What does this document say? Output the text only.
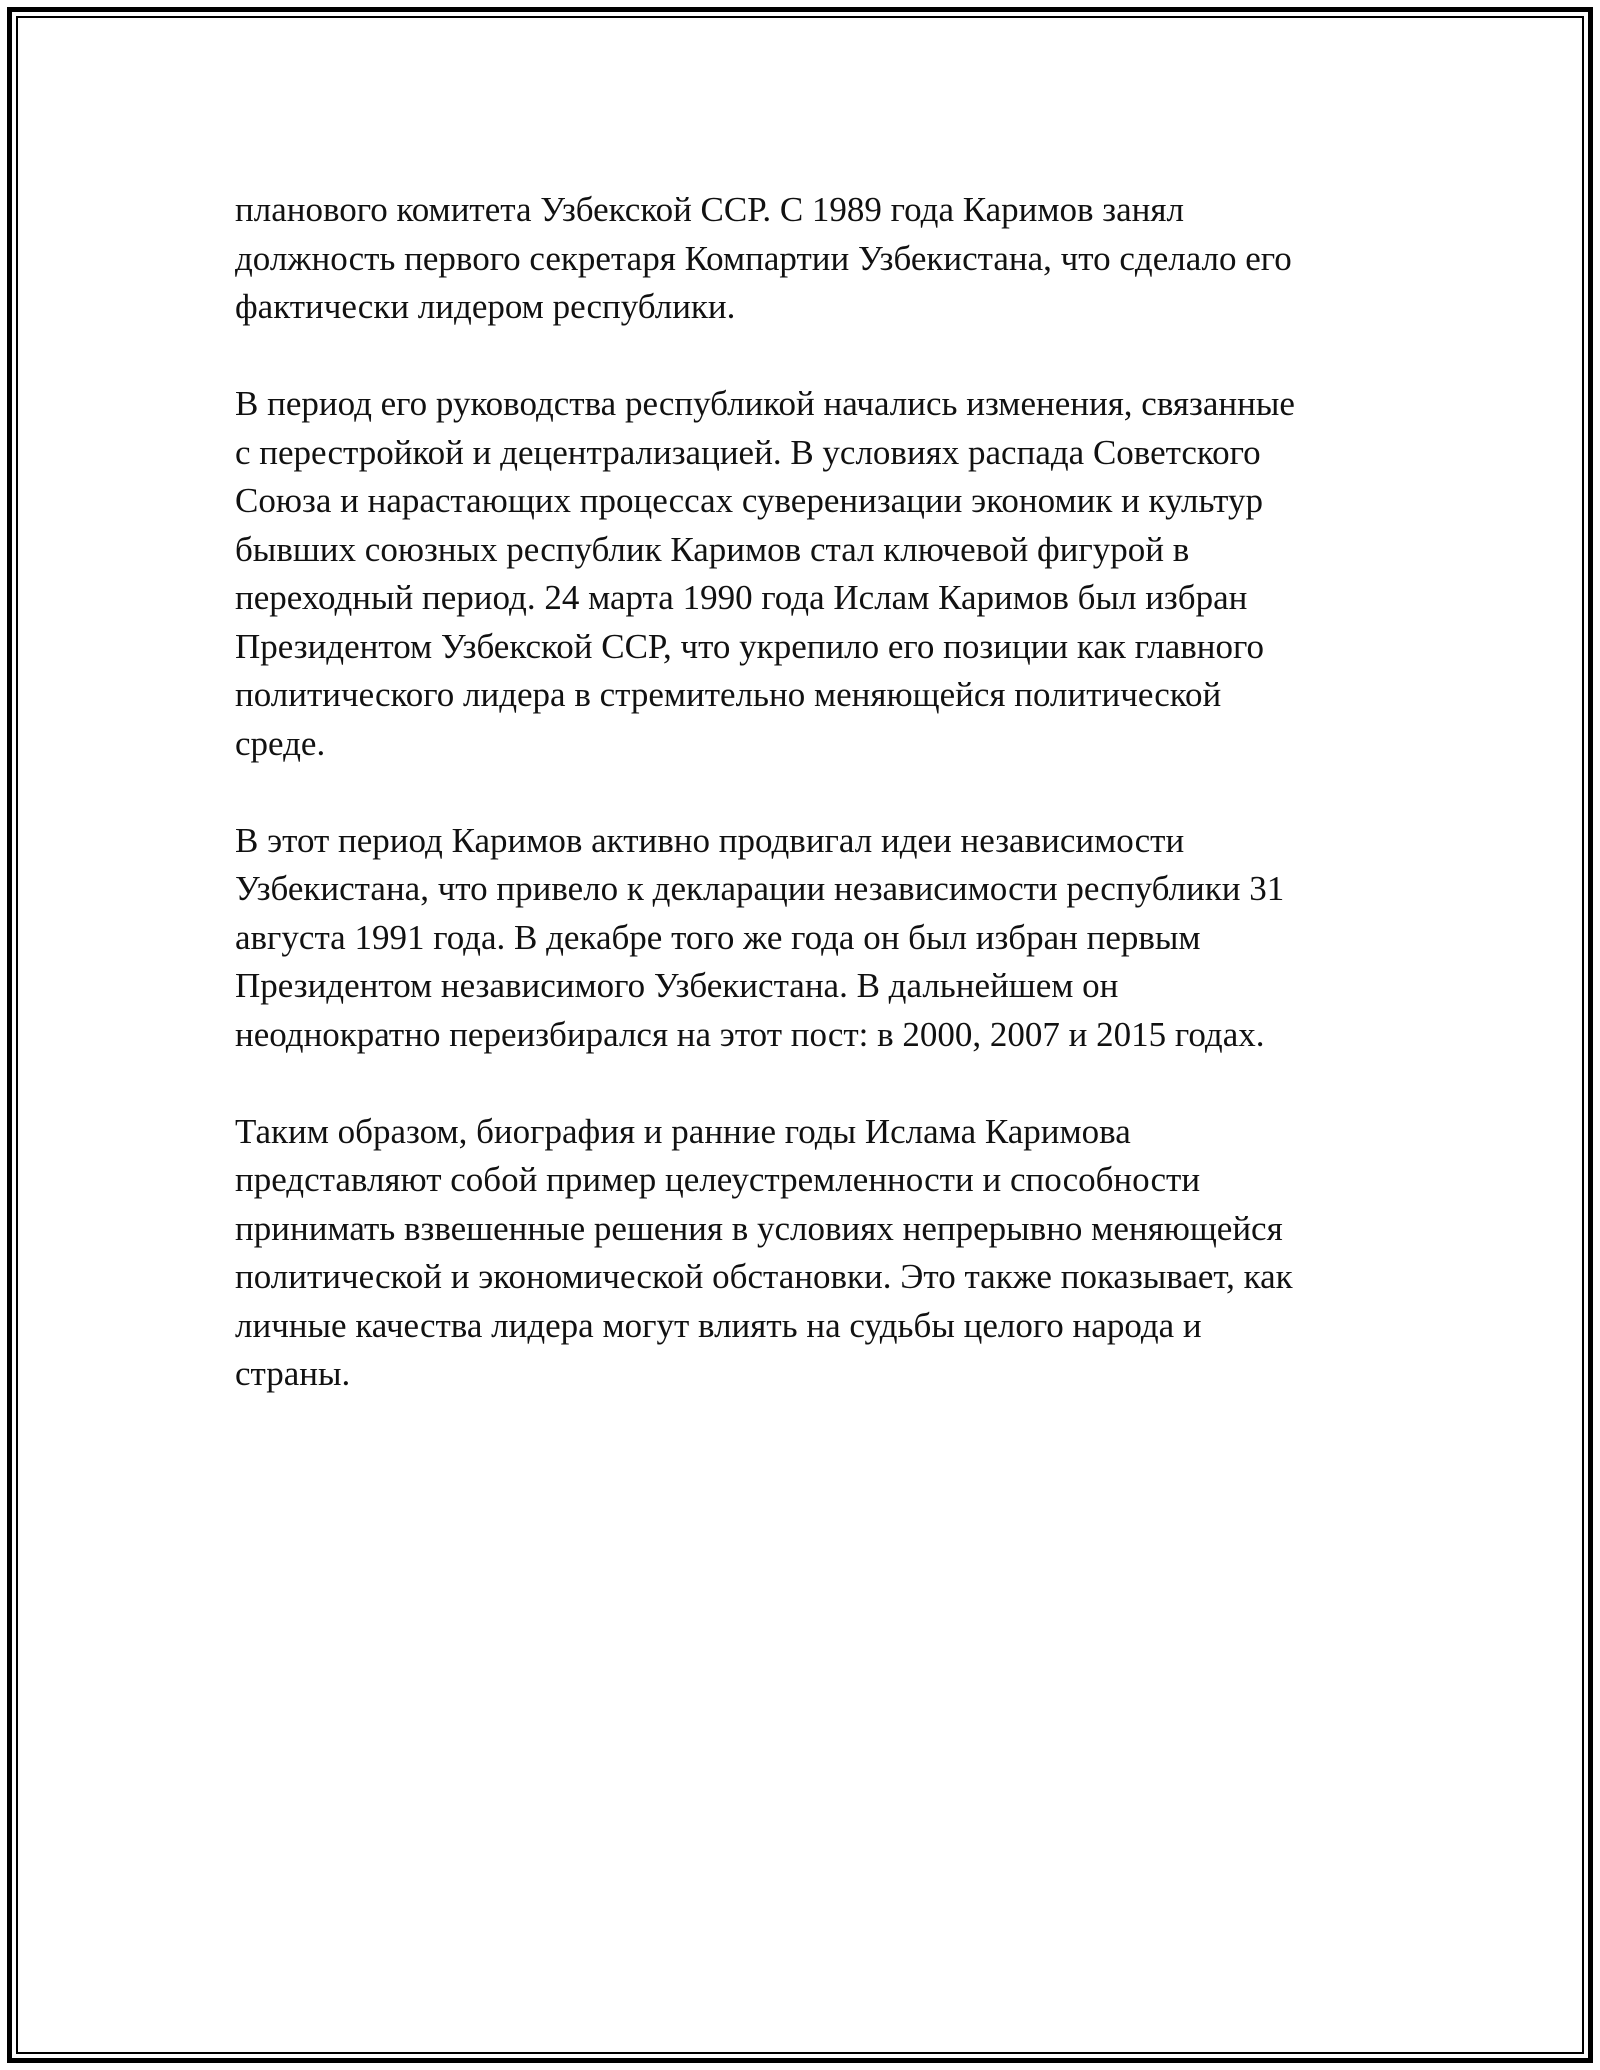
планового комитета Узбекской ССР. С 1989 года Каримов занял
должность первого секретаря Компартии Узбекистана, что сделало его
фактически лидером республики.

В период его руководства республикой начались изменения, связанные
с перестройкой и децентрализацией. В условиях распада Советского
Союза и нарастающих процессах суверенизации экономик и культур
бывших союзных республик Каримов стал ключевой фигурой в
переходный период. 24 марта 1990 года Ислам Каримов был избран
Президентом Узбекской ССР, что укрепило его позиции как главного
политического лидера в стремительно меняющейся политической
среде.

В этот период Каримов активно продвигал идеи независимости
Узбекистана, что привело к декларации независимости республики 31
августа 1991 года. В декабре того же года он был избран первым
Президентом независимого Узбекистана. В дальнейшем он
неоднократно переизбирался на этот пост: в 2000, 2007 и 2015 годах.

Таким образом, биография и ранние годы Ислама Каримова
представляют собой пример целеустремленности и способности
принимать взвешенные решения в условиях непрерывно меняющейся
политической и экономической обстановки. Это также показывает, как
личные качества лидера могут влиять на судьбы целого народа и
страны.
